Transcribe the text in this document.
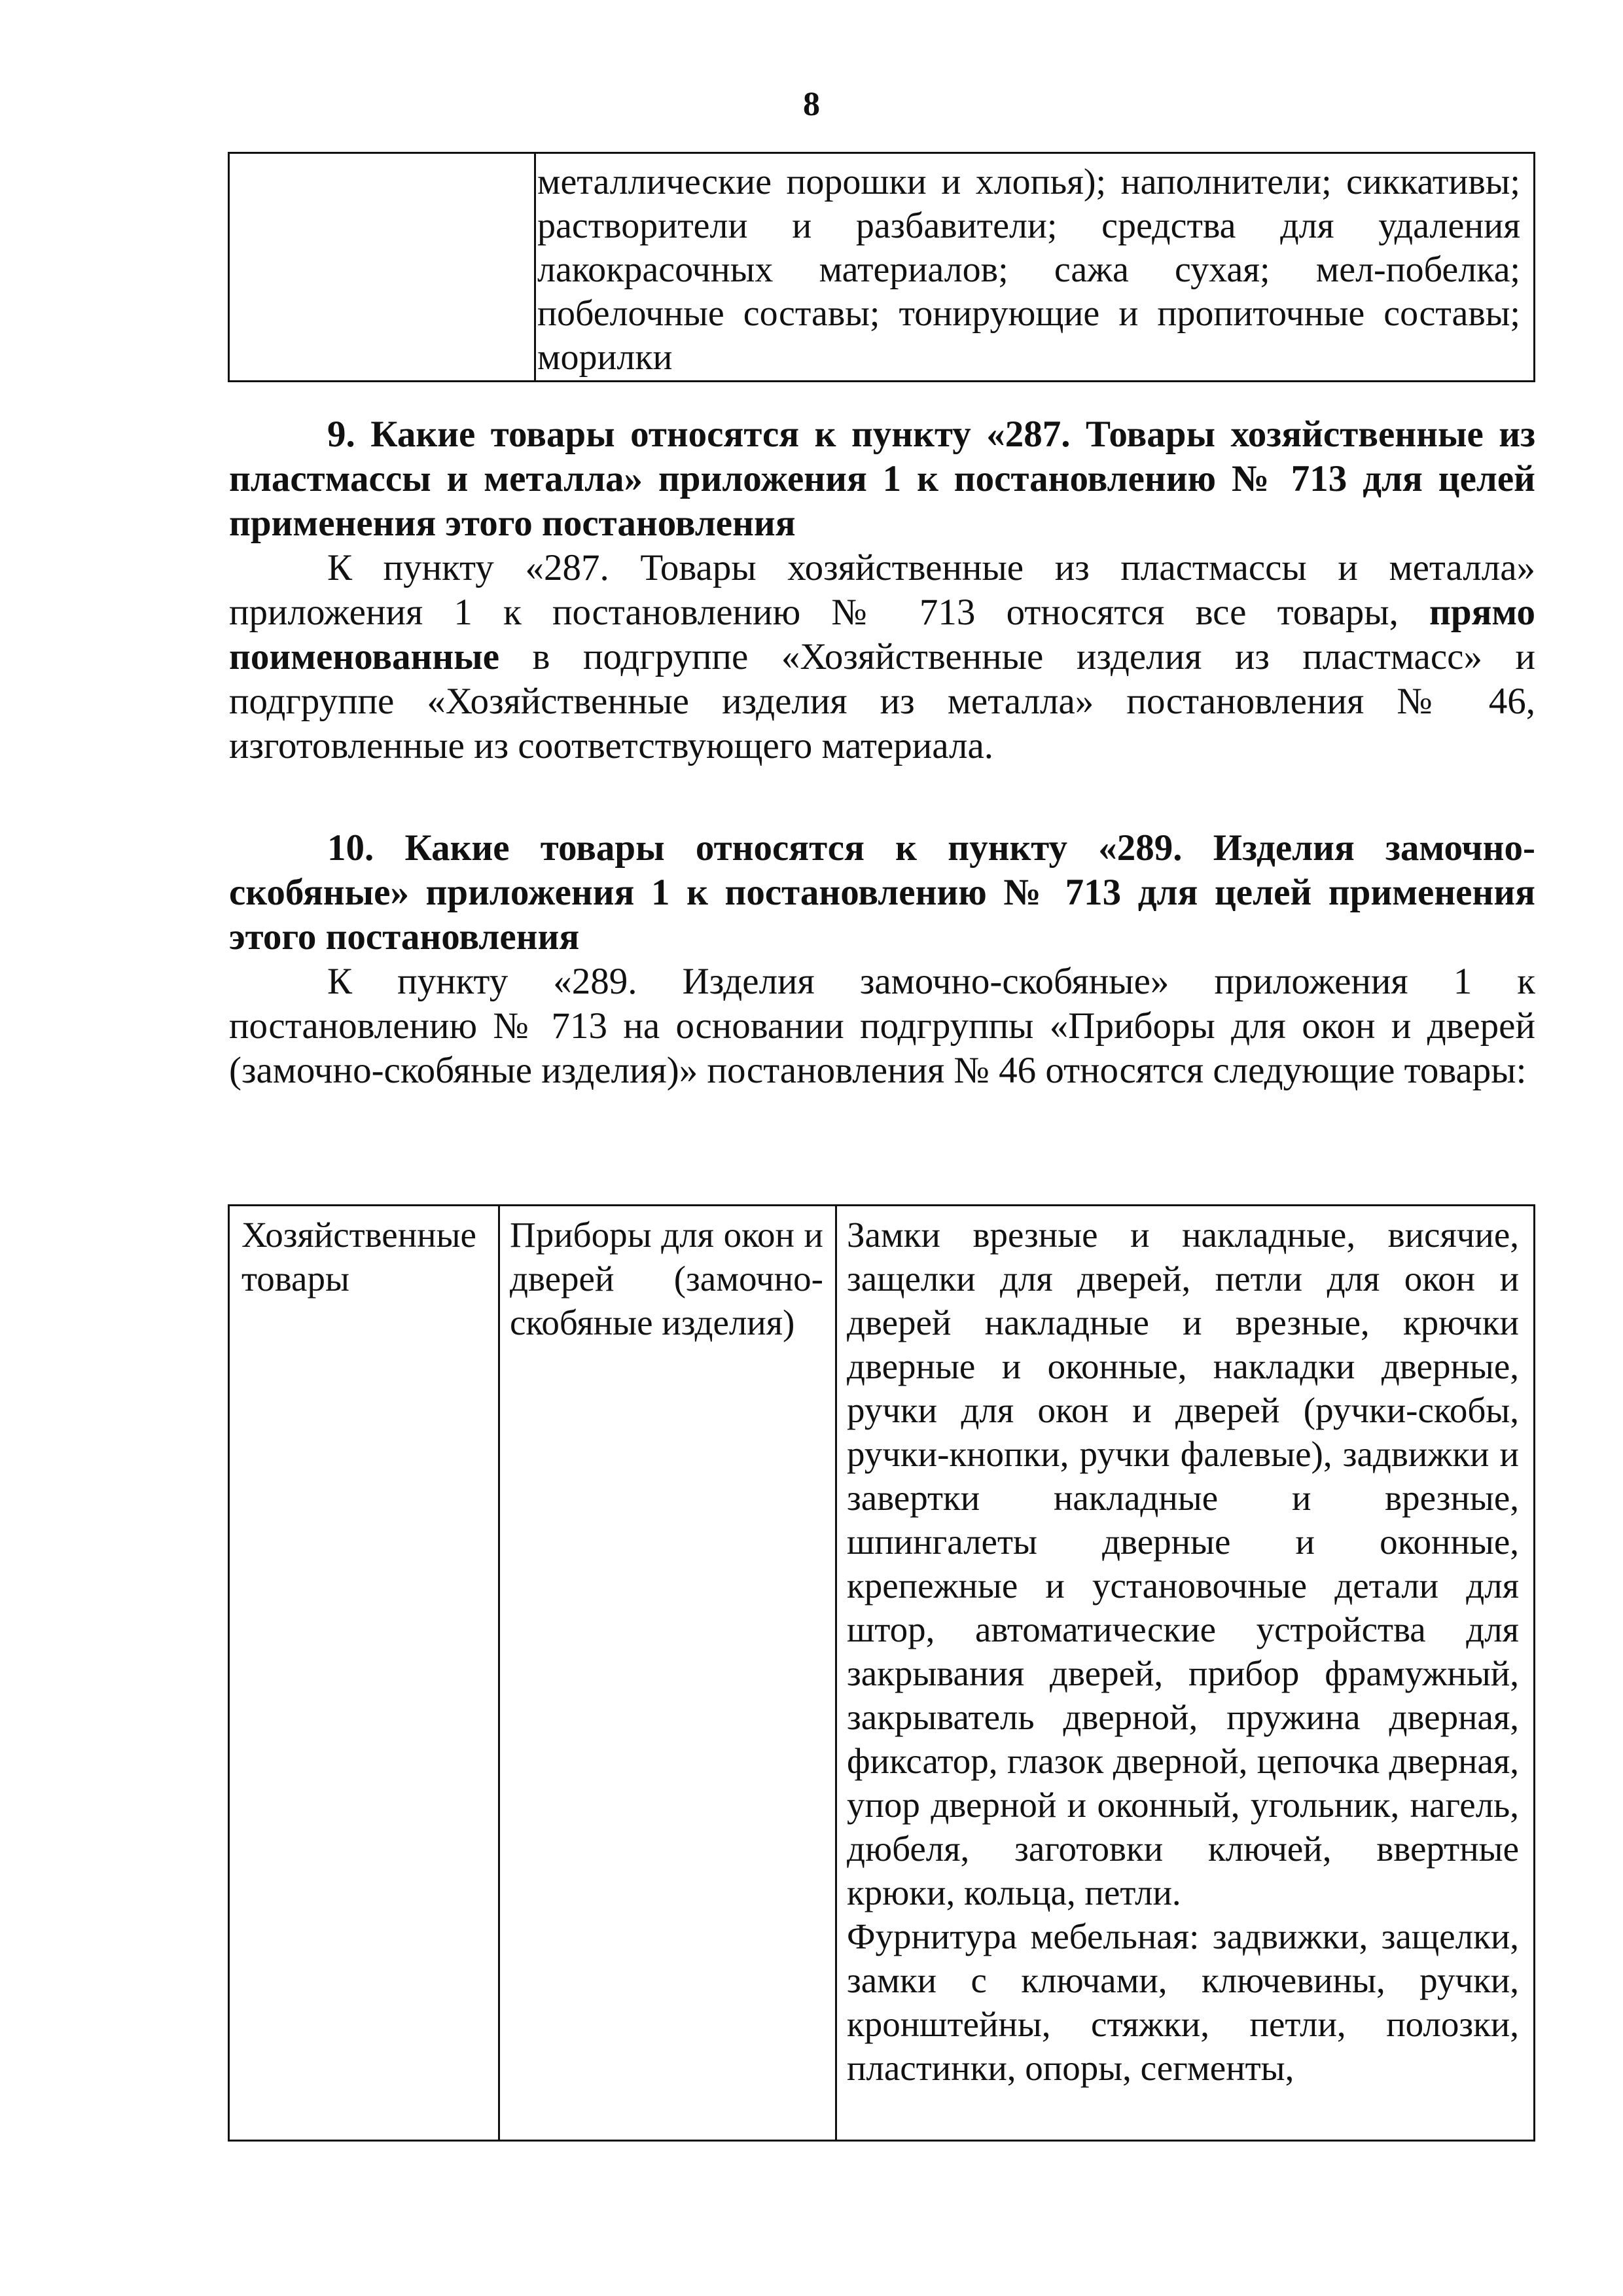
8
металлические порошки и хлопья); наполнители; сиккативы; растворители и разбавители; средства для удаления лакокрасочных материалов; сажа сухая; мел-побелка; побелочные составы; тонирующие и пропиточные составы; морилки
9. Какие товары относятся к пункту «287. Товары хозяйственные из пластмассы и металла» приложения 1 к постановлению № 713 для целей применения этого постановления
К пункту «287. Товары хозяйственные из пластмассы и металла» приложения 1 к постановлению № 713 относятся все товары, прямо поименованные в подгруппе «Хозяйственные изделия из пластмасс» и подгруппе «Хозяйственные изделия из металла» постановления № 46, изготовленные из соответствующего материала.
10. Какие товары относятся к пункту «289. Изделия замочно-скобяные» приложения 1 к постановлению № 713 для целей применения этого постановления
К пункту «289. Изделия замочно-скобяные» приложения 1 к постановлению № 713 на основании подгруппы «Приборы для окон и дверей (замочно-скобяные изделия)» постановления № 46 относятся следующие товары:
Хозяйственные товары
Приборы для окон и дверей (замочно-скобяные изделия)
Замки врезные и накладные, висячие, защелки для дверей, петли для окон и дверей накладные и врезные, крючки дверные и оконные, накладки дверные, ручки для окон и дверей (ручки-скобы, ручки-кнопки, ручки фалевые), задвижки и завертки накладные и врезные, шпингалеты дверные и оконные, крепежные и установочные детали для штор, автоматические устройства для закрывания дверей, прибор фрамужный, закрыватель дверной, пружина дверная, фиксатор, глазок дверной, цепочка дверная, упор дверной и оконный, угольник, нагель, дюбеля, заготовки ключей, ввертные крюки, кольца, петли.
Фурнитура мебельная: задвижки, защелки, замки с ключами, ключевины, ручки, кронштейны, стяжки, петли, полозки, пластинки, опоры, сегменты,
